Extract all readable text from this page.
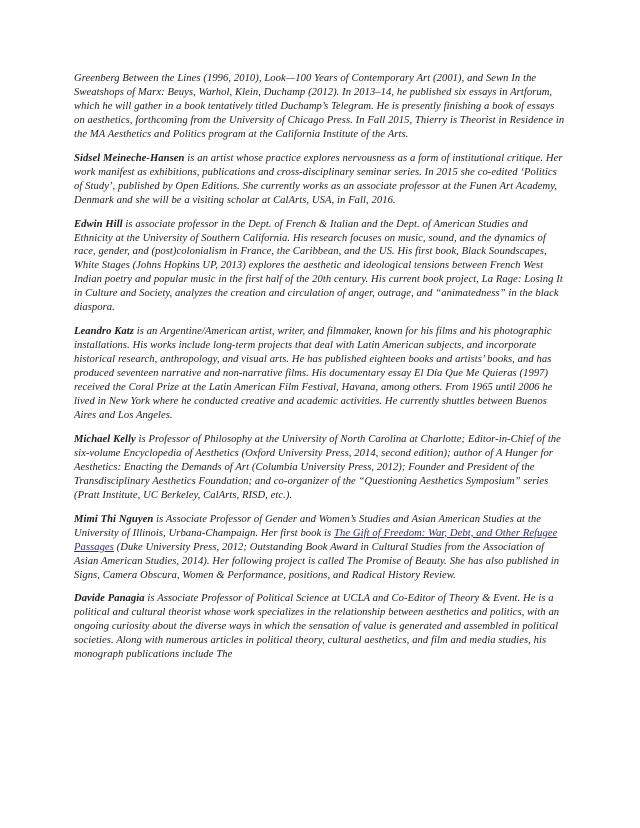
Greenberg Between the Lines (1996, 2010), Look—100 Years of Contemporary Art (2001), and Sewn In the Sweatshops of Marx: Beuys, Warhol, Klein, Duchamp (2012). In 2013–14, he published six essays in Artforum, which he will gather in a book tentatively titled Duchamp’s Telegram. He is presently finishing a book of essays on aesthetics, forthcoming from the University of Chicago Press. In Fall 2015, Thierry is Theorist in Residence in the MA Aesthetics and Politics program at the California Institute of the Arts.

Sidsel Meineche-Hansen is an artist whose practice explores nervousness as a form of institutional critique. Her work manifest as exhibitions, publications and cross-disciplinary seminar series. In 2015 she co-edited ‘Politics of Study’, published by Open Editions. She currently works as an associate professor at the Funen Art Academy, Denmark and she will be a visiting scholar at CalArts, USA, in Fall, 2016.

Edwin Hill is associate professor in the Dept. of French & Italian and the Dept. of American Studies and Ethnicity at the University of Southern California. His research focuses on music, sound, and the dynamics of race, gender, and (post)colonialism in France, the Caribbean, and the US. His first book, Black Soundscapes, White Stages (Johns Hopkins UP, 2013) explores the aesthetic and ideological tensions between French West Indian poetry and popular music in the first half of the 20th century. His current book project, La Rage: Losing It in Culture and Society, analyzes the creation and circulation of anger, outrage, and “animatedness” in the black diaspora.

Leandro Katz is an Argentine/American artist, writer, and filmmaker, known for his films and his photographic installations. His works include long-term projects that deal with Latin American subjects, and incorporate historical research, anthropology, and visual arts. He has published eighteen books and artists’ books, and has produced seventeen narrative and non-narrative films. His documentary essay El Día Que Me Quieras (1997) received the Coral Prize at the Latin American Film Festival, Havana, among others. From 1965 until 2006 he lived in New York where he conducted creative and academic activities. He currently shuttles between Buenos Aires and Los Angeles.

Michael Kelly is Professor of Philosophy at the University of North Carolina at Charlotte; Editor-in-Chief of the six-volume Encyclopedia of Aesthetics (Oxford University Press, 2014, second edition); author of A Hunger for Aesthetics: Enacting the Demands of Art (Columbia University Press, 2012); Founder and President of the Transdisciplinary Aesthetics Foundation; and co-organizer of the “Questioning Aesthetics Symposium” series (Pratt Institute, UC Berkeley, CalArts, RISD, etc.).

Mimi Thi Nguyen is Associate Professor of Gender and Women’s Studies and Asian American Studies at the University of Illinois, Urbana-Champaign. Her first book is The Gift of Freedom: War, Debt, and Other Refugee Passages (Duke University Press, 2012; Outstanding Book Award in Cultural Studies from the Association of Asian American Studies, 2014). Her following project is called The Promise of Beauty. She has also published in Signs, Camera Obscura, Women & Performance, positions, and Radical History Review.

Davide Panagia is Associate Professor of Political Science at UCLA and Co-Editor of Theory & Event. He is a political and cultural theorist whose work specializes in the relationship between aesthetics and politics, with an ongoing curiosity about the diverse ways in which the sensation of value is generated and assembled in political societies. Along with numerous articles in political theory, cultural aesthetics, and film and media studies, his monograph publications include The
